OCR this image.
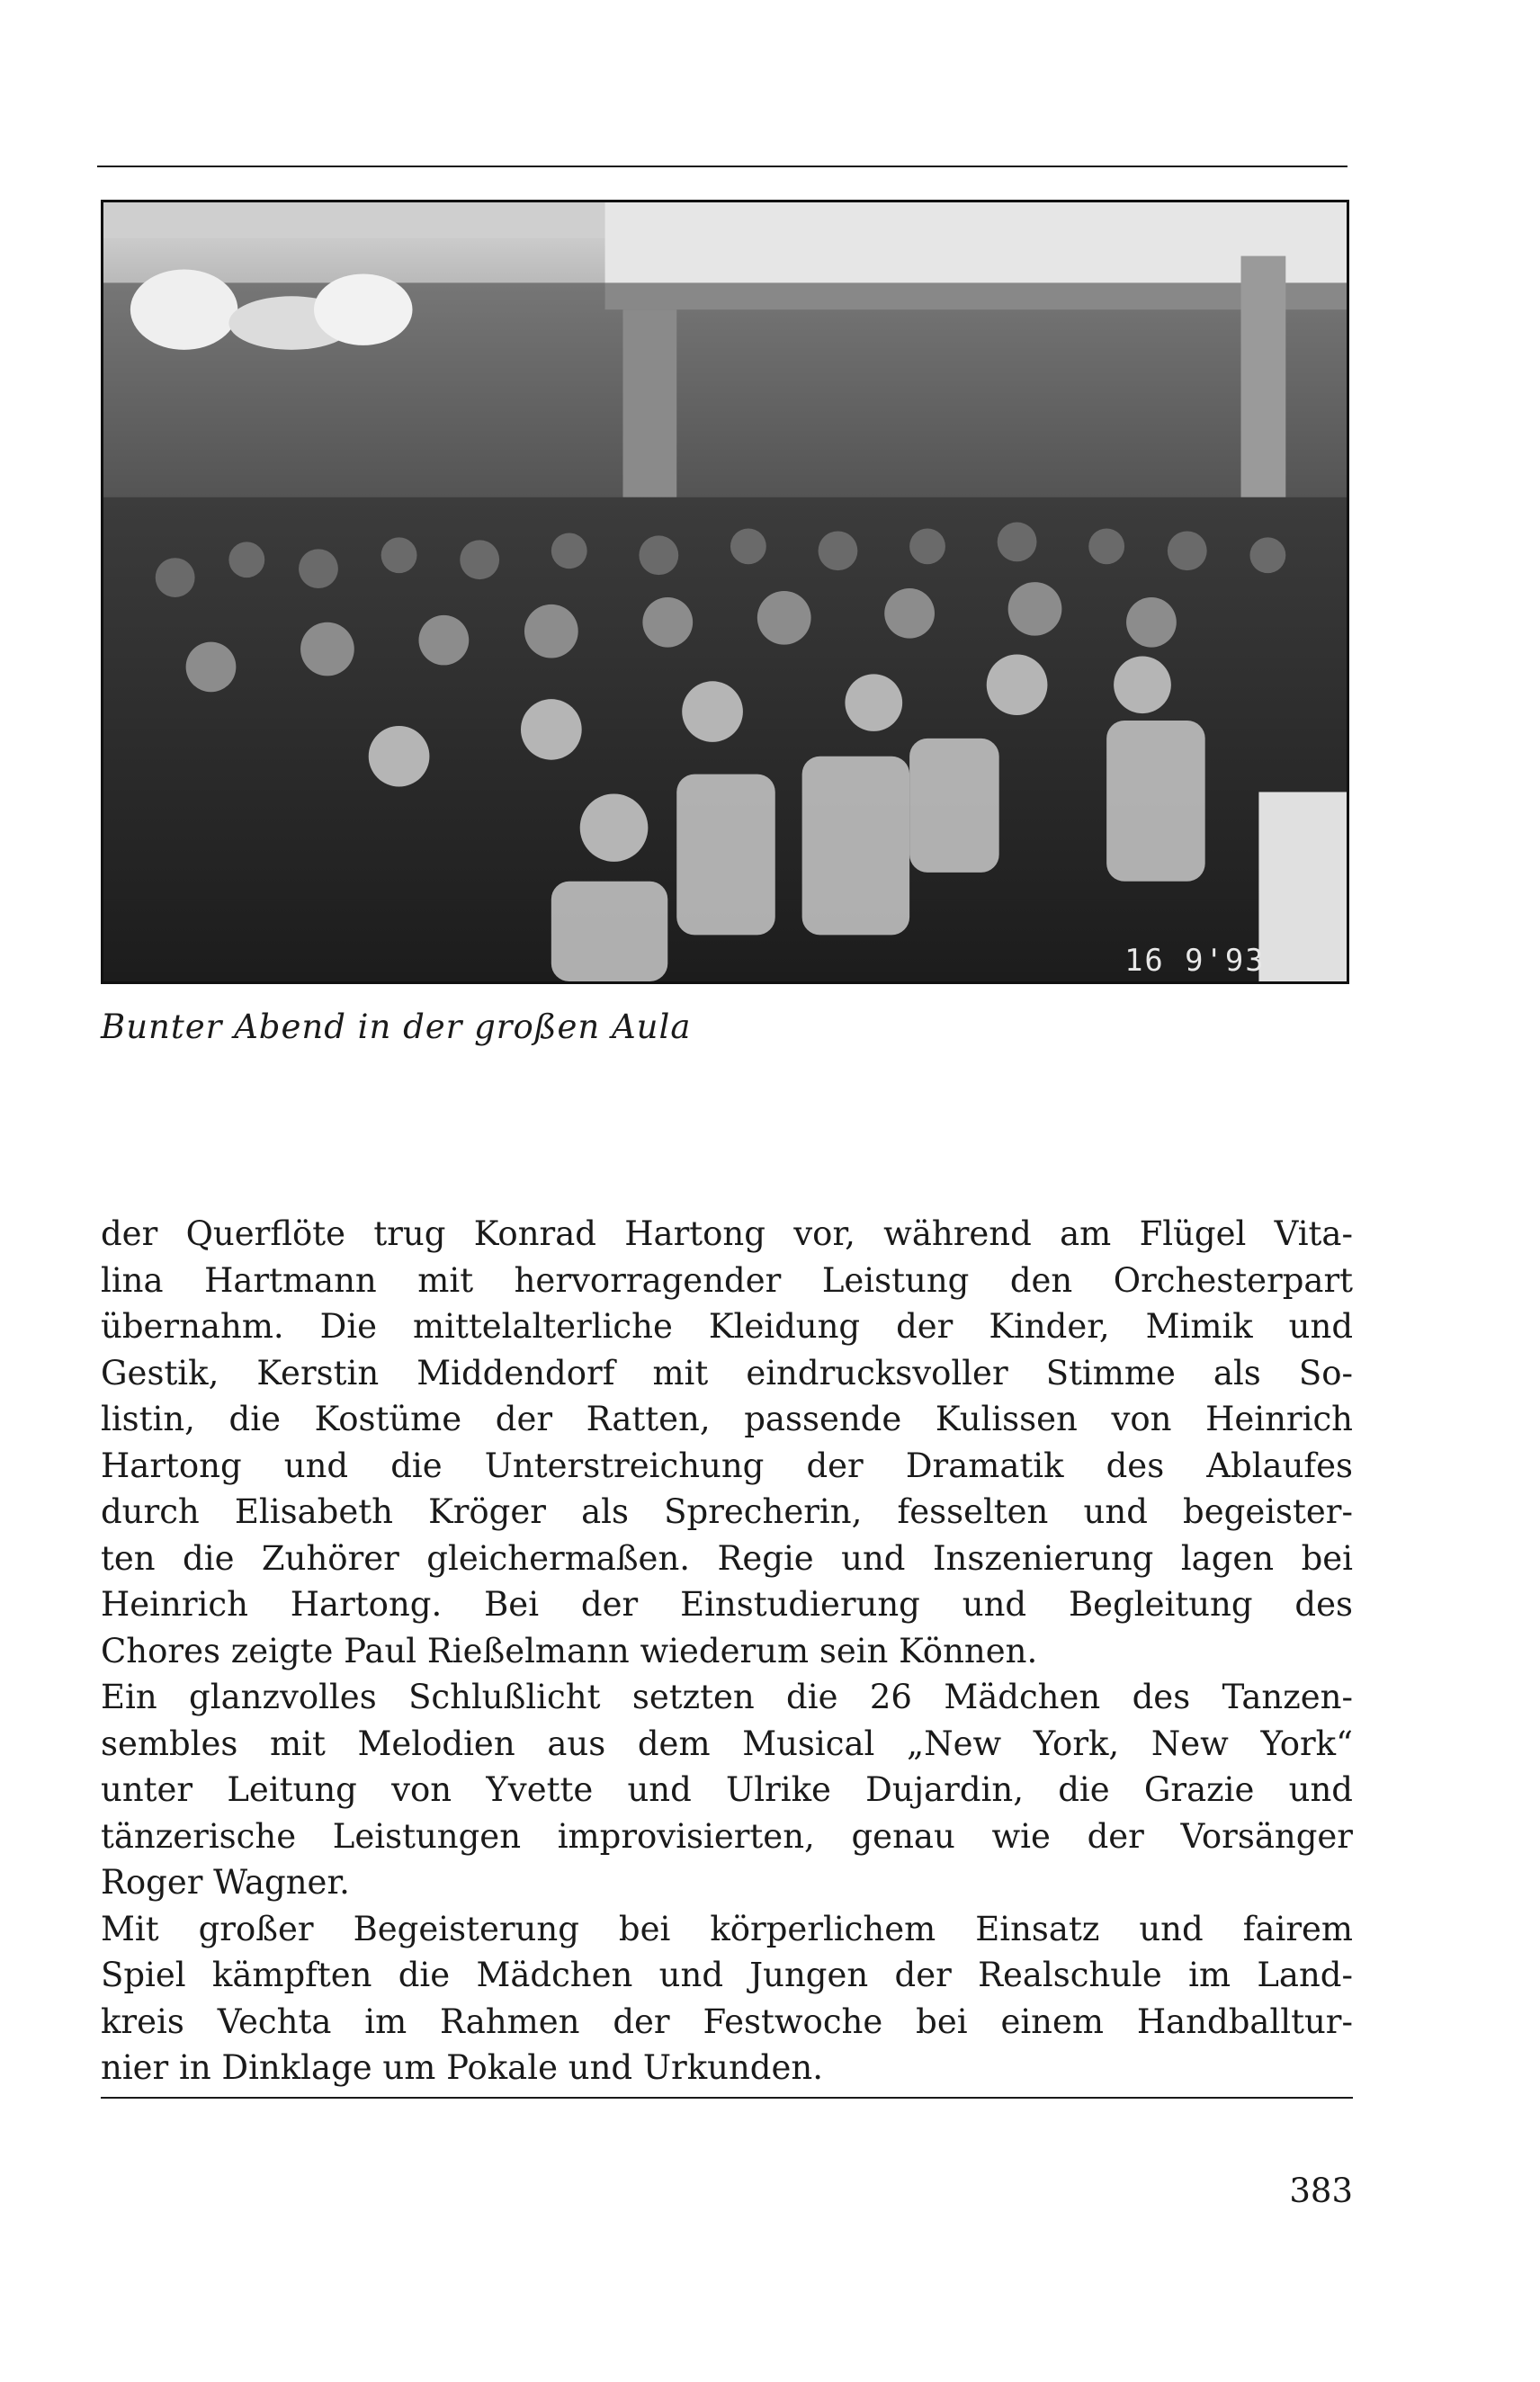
16 9'93

Bunter Abend in der großen Aula

der Querflöte trug Konrad Hartong vor, während am Flügel Vita-
lina Hartmann mit hervorragender Leistung den Orchesterpart
übernahm. Die mittelalterliche Kleidung der Kinder, Mimik und
Gestik, Kerstin Middendorf mit eindrucksvoller Stimme als So-
listin, die Kostüme der Ratten, passende Kulissen von Heinrich
Hartong und die Unterstreichung der Dramatik des Ablaufes
durch Elisabeth Kröger als Sprecherin, fesselten und begeister-
ten die Zuhörer gleichermaßen. Regie und Inszenierung lagen bei
Heinrich Hartong. Bei der Einstudierung und Begleitung des
Chores zeigte Paul Rießelmann wiederum sein Können.
Ein glanzvolles Schlußlicht setzten die 26 Mädchen des Tanzen-
sembles mit Melodien aus dem Musical „New York, New York“
unter Leitung von Yvette und Ulrike Dujardin, die Grazie und
tänzerische Leistungen improvisierten, genau wie der Vorsänger
Roger Wagner.
Mit großer Begeisterung bei körperlichem Einsatz und fairem
Spiel kämpften die Mädchen und Jungen der Realschule im Land-
kreis Vechta im Rahmen der Festwoche bei einem Handballtur-
nier in Dinklage um Pokale und Urkunden.

383
